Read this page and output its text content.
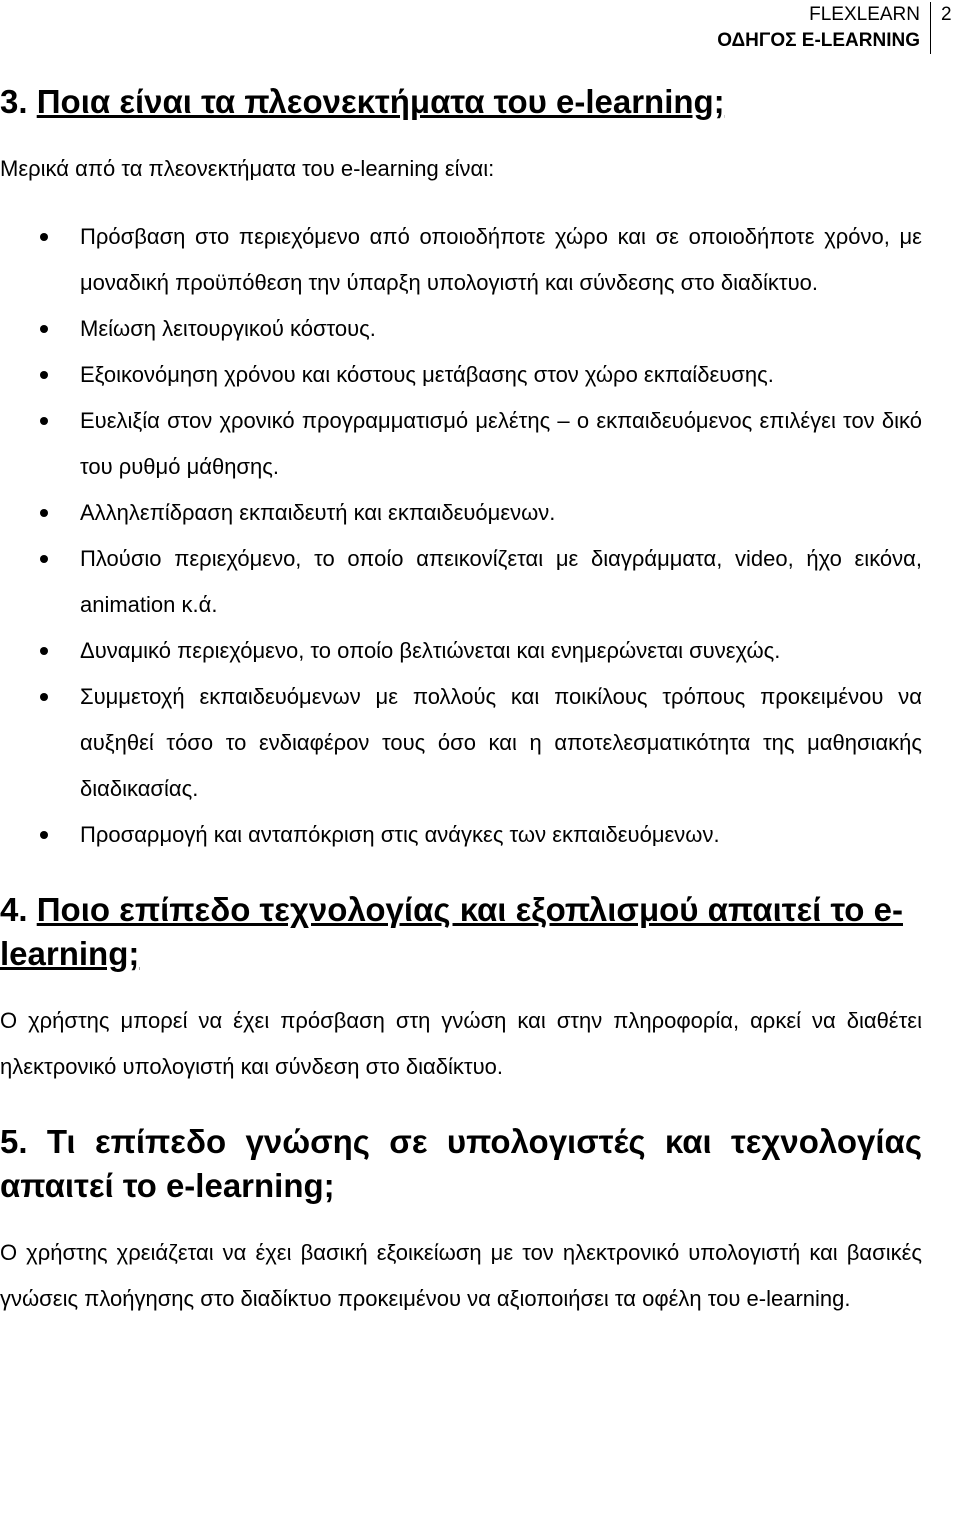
FLEXLEARN
ΟΔΗΓΟΣ E-LEARNING
2
3. Ποια είναι τα πλεονεκτήματα του e-learning;

Μερικά από τα πλεονεκτήματα του e-learning είναι:

Πρόσβαση στο περιεχόμενο από οποιοδήποτε χώρο και σε οποιοδήποτε χρόνο, με μοναδική προϋπόθεση την ύπαρξη υπολογιστή και σύνδεσης στο διαδίκτυο.
Μείωση λειτουργικού κόστους.
Εξοικονόμηση χρόνου και κόστους μετάβασης στον χώρο εκπαίδευσης.
Ευελιξία στον χρονικό προγραμματισμό μελέτης – ο εκπαιδευόμενος επιλέγει τον δικό του ρυθμό μάθησης.
Αλληλεπίδραση εκπαιδευτή και εκπαιδευόμενων.
Πλούσιο περιεχόμενο, το οποίο απεικονίζεται με διαγράμματα, video, ήχο εικόνα, animation κ.ά.
Δυναμικό περιεχόμενο, το οποίο βελτιώνεται και ενημερώνεται συνεχώς.
Συμμετοχή εκπαιδευόμενων με πολλούς και ποικίλους τρόπους προκειμένου να αυξηθεί τόσο το ενδιαφέρον τους όσο και η αποτελεσματικότητα της μαθησιακής διαδικασίας.
Προσαρμογή και ανταπόκριση στις ανάγκες των εκπαιδευόμενων.
4. Ποιο επίπεδο τεχνολογίας και εξοπλισμού απαιτεί το e-learning;

Ο χρήστης μπορεί να έχει πρόσβαση στη γνώση και στην πληροφορία, αρκεί να διαθέτει ηλεκτρονικό υπολογιστή και σύνδεση στο διαδίκτυο.

5. Τι επίπεδο γνώσης σε υπολογιστές και τεχνολογίας απαιτεί το e-learning;

Ο χρήστης χρειάζεται να έχει βασική εξοικείωση με τον ηλεκτρονικό υπολογιστή και βασικές γνώσεις πλοήγησης στο διαδίκτυο προκειμένου να αξιοποιήσει τα οφέλη του e-learning.
